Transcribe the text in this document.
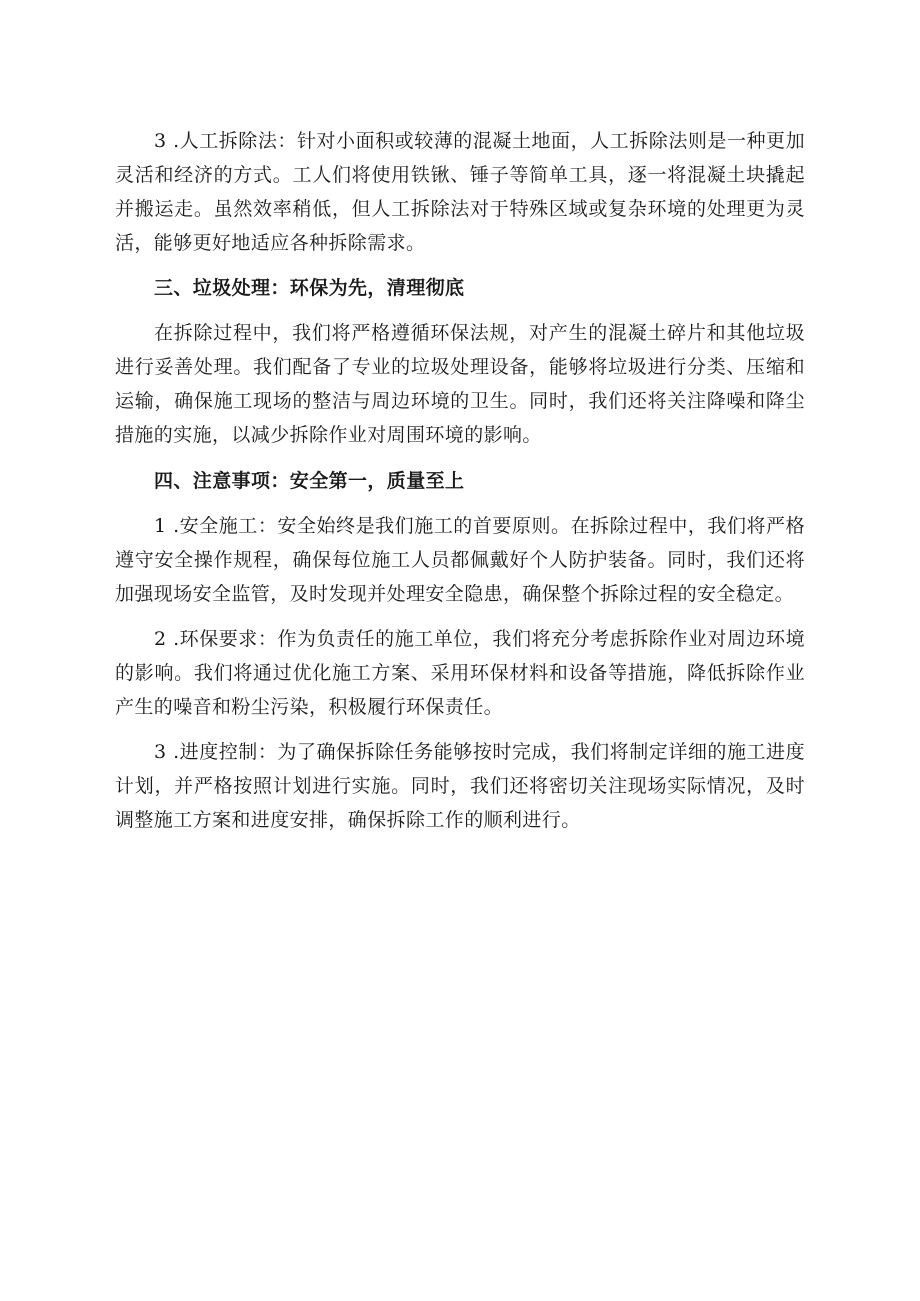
3 .人工拆除法：针对小面积或较薄的混凝土地面，人工拆除法则是一种更加灵活和经济的方式。工人们将使用铁锹、锤子等简单工具，逐一将混凝土块撬起并搬运走。虽然效率稍低，但人工拆除法对于特殊区域或复杂环境的处理更为灵活，能够更好地适应各种拆除需求。

三、垃圾处理：环保为先，清理彻底

在拆除过程中，我们将严格遵循环保法规，对产生的混凝土碎片和其他垃圾进行妥善处理。我们配备了专业的垃圾处理设备，能够将垃圾进行分类、压缩和运输，确保施工现场的整洁与周边环境的卫生。同时，我们还将关注降噪和降尘措施的实施，以减少拆除作业对周围环境的影响。

四、注意事项：安全第一，质量至上

1 .安全施工：安全始终是我们施工的首要原则。在拆除过程中，我们将严格遵守安全操作规程，确保每位施工人员都佩戴好个人防护装备。同时，我们还将加强现场安全监管，及时发现并处理安全隐患，确保整个拆除过程的安全稳定。

2 .环保要求：作为负责任的施工单位，我们将充分考虑拆除作业对周边环境的影响。我们将通过优化施工方案、采用环保材料和设备等措施，降低拆除作业产生的噪音和粉尘污染，积极履行环保责任。

3 .进度控制：为了确保拆除任务能够按时完成，我们将制定详细的施工进度计划，并严格按照计划进行实施。同时，我们还将密切关注现场实际情况，及时调整施工方案和进度安排，确保拆除工作的顺利进行。
